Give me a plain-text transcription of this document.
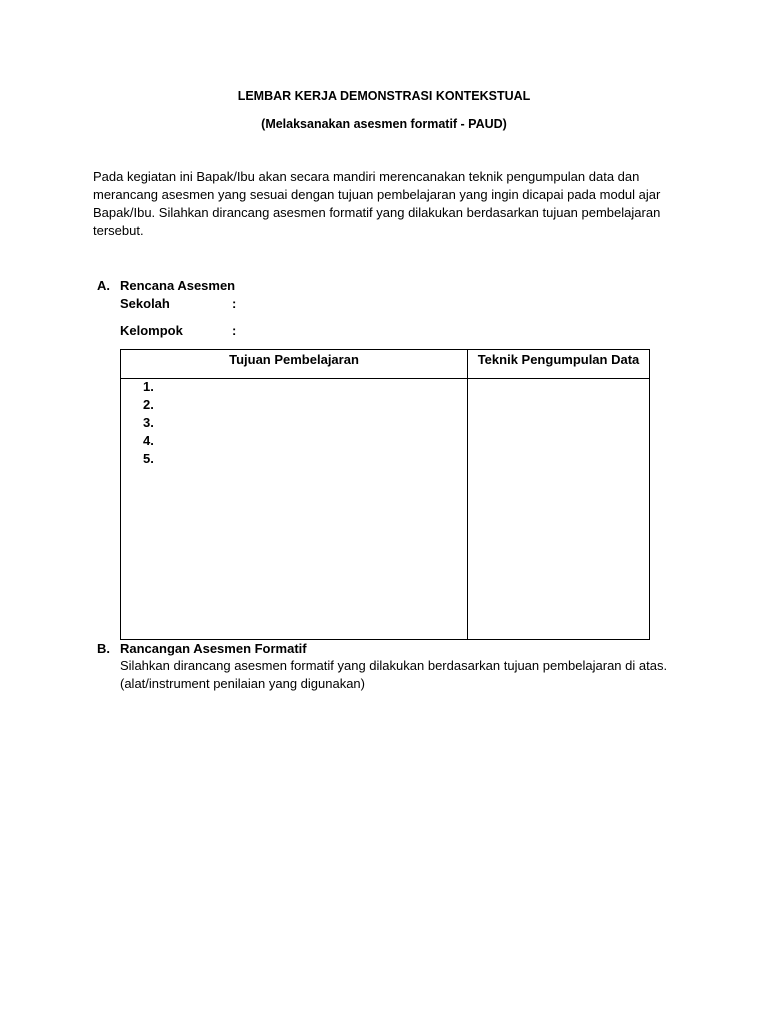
LEMBAR KERJA DEMONSTRASI KONTEKSTUAL
(Melaksanakan asesmen formatif - PAUD)
Pada kegiatan ini Bapak/Ibu akan secara mandiri merencanakan teknik pengumpulan data dan merancang asesmen yang sesuai dengan tujuan pembelajaran yang ingin dicapai pada modul ajar Bapak/Ibu. Silahkan dirancang asesmen formatif yang dilakukan berdasarkan tujuan pembelajaran tersebut.
A. Rencana Asesmen
Sekolah	:
Kelompok	:
Tujuan Pembelajaran	Teknik Pengumpulan Data
1.
2.
3.
4.
5.
B. Rancangan Asesmen Formatif
Silahkan dirancang asesmen formatif yang dilakukan berdasarkan tujuan pembelajaran di atas.
(alat/instrument penilaian yang digunakan)
